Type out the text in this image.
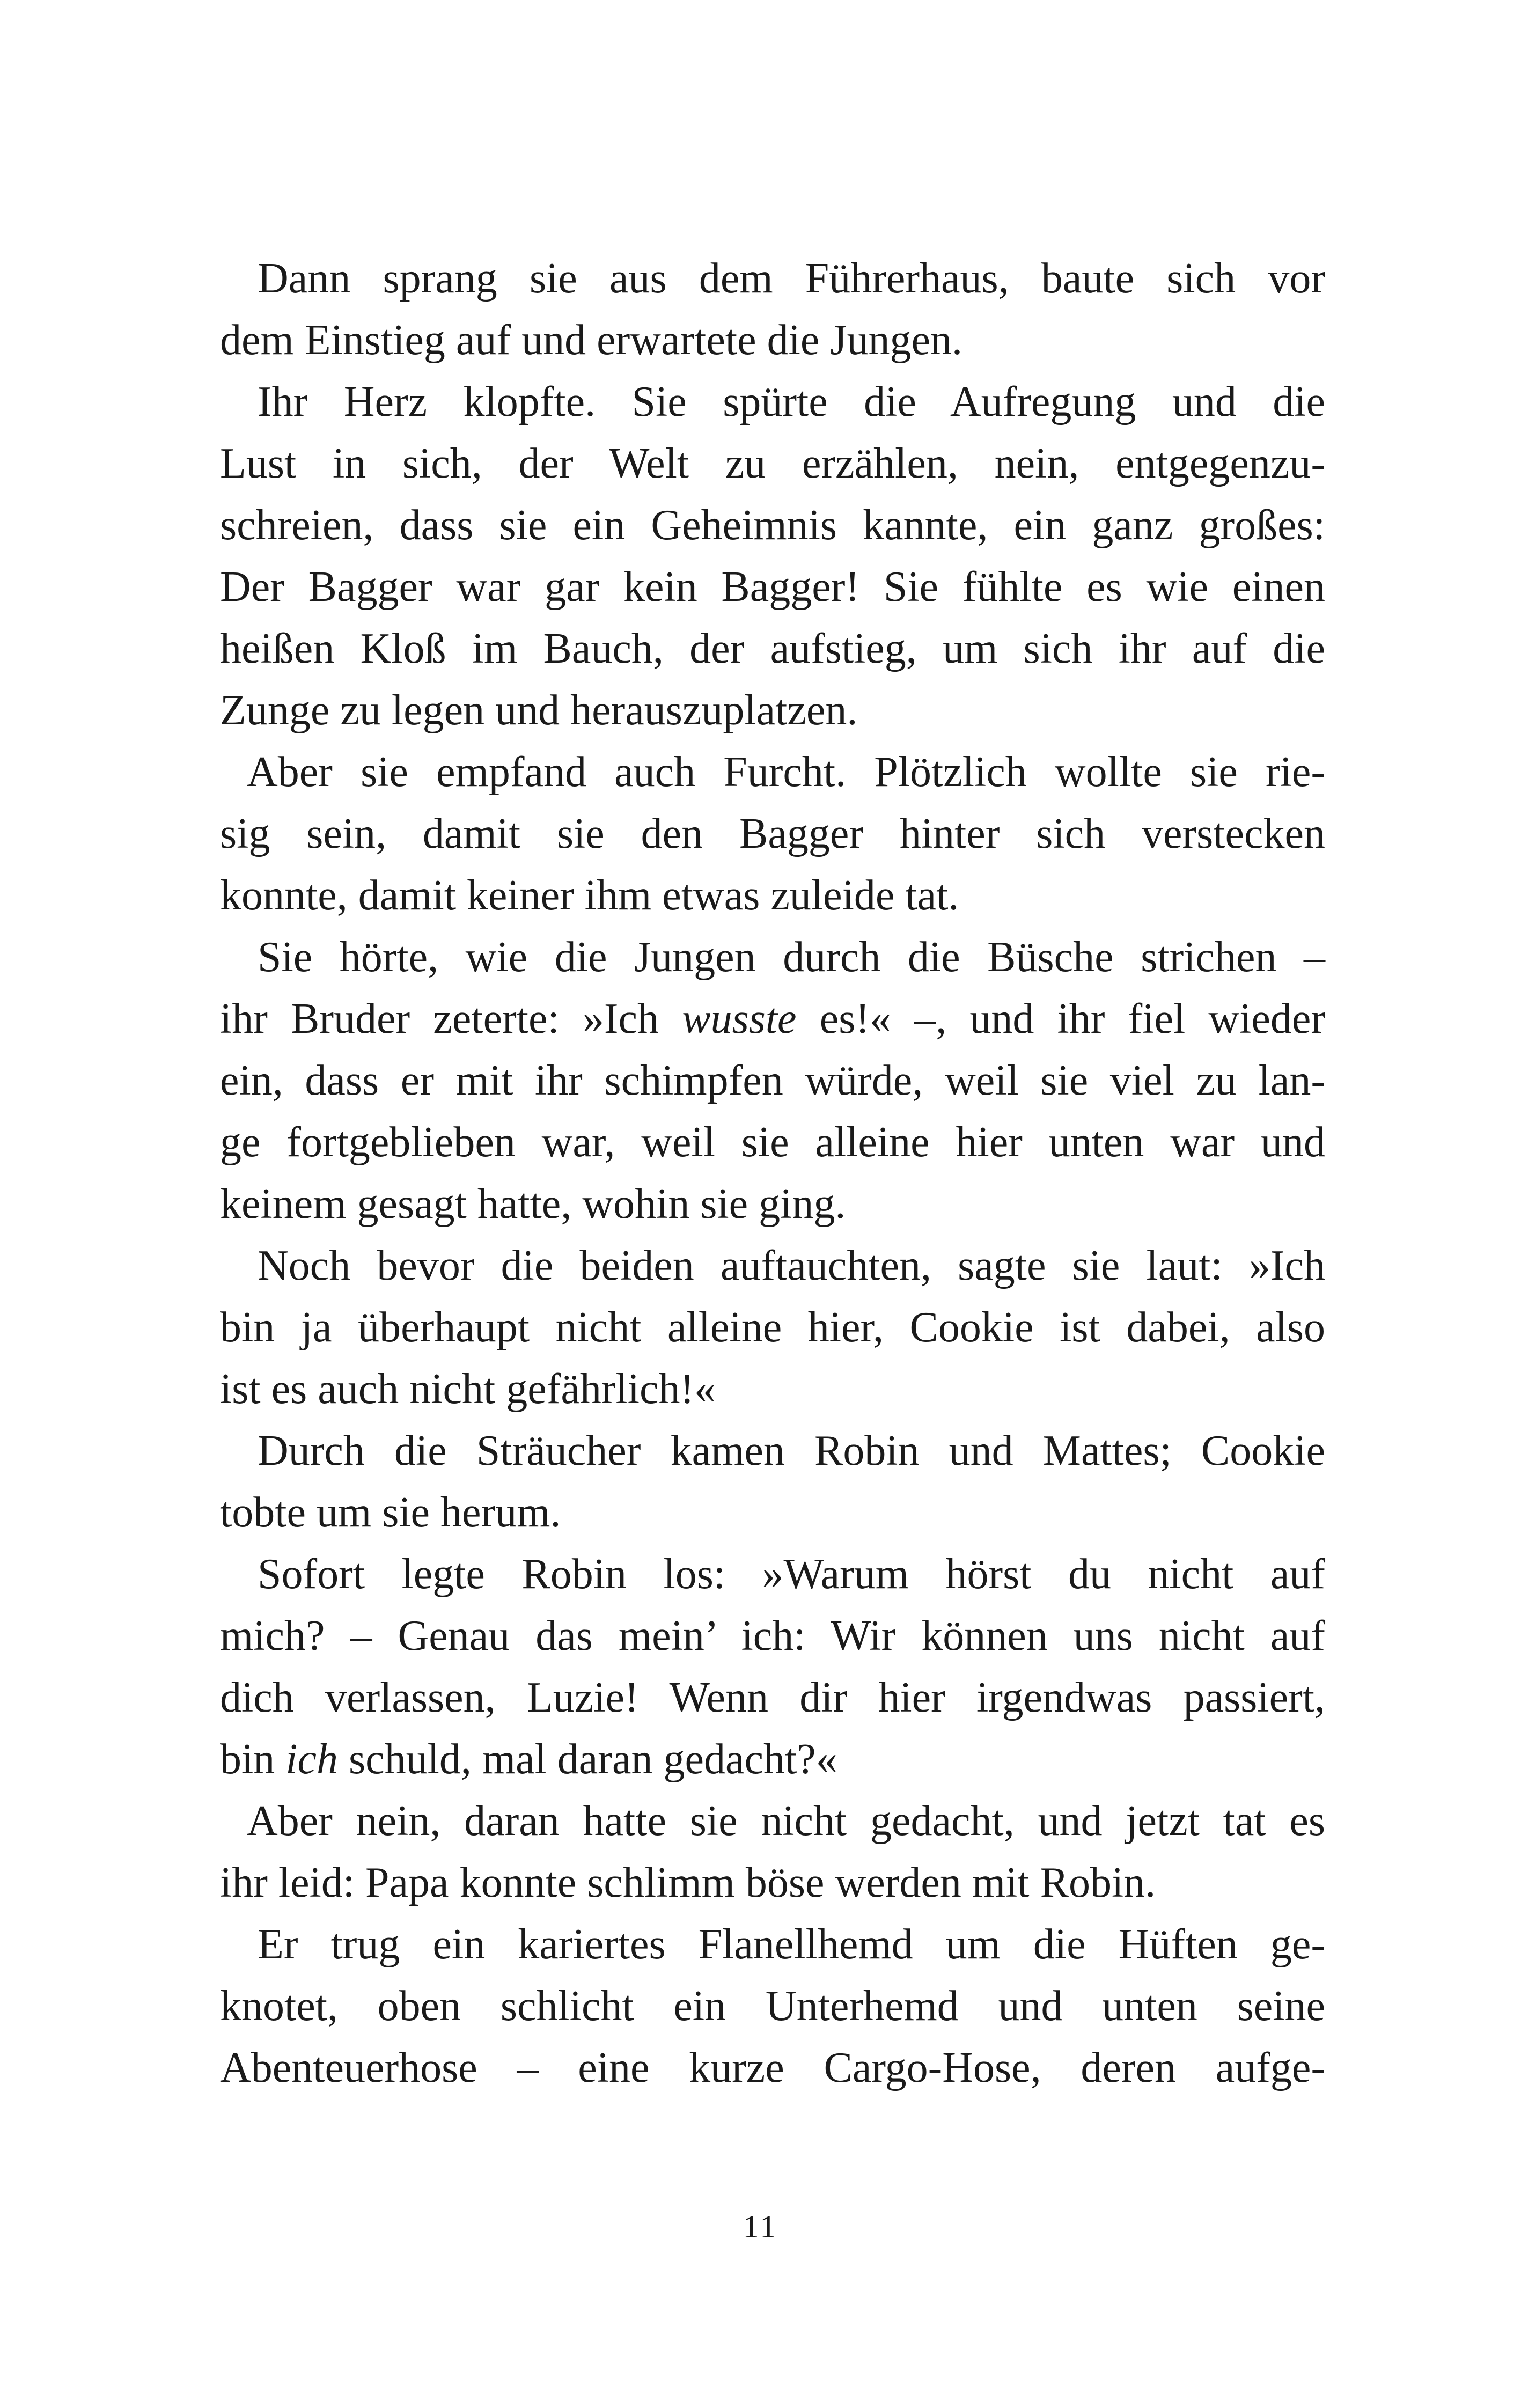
Dann sprang sie aus dem Führerhaus, baute sich vor
dem Einstieg auf und erwartete die Jungen.
Ihr Herz klopfte. Sie spürte die Aufregung und die
Lust in sich, der Welt zu erzählen, nein, entgegenzu-
schreien, dass sie ein Geheimnis kannte, ein ganz großes:
Der Bagger war gar kein Bagger! Sie fühlte es wie einen
heißen Kloß im Bauch, der aufstieg, um sich ihr auf die
Zunge zu legen und herauszuplatzen.
Aber sie empfand auch Furcht. Plötzlich wollte sie rie-
sig sein, damit sie den Bagger hinter sich verstecken
konnte, damit keiner ihm etwas zuleide tat.
Sie hörte, wie die Jungen durch die Büsche strichen –
ihr Bruder zeterte: »Ich wusste es!« –, und ihr fiel wieder
ein, dass er mit ihr schimpfen würde, weil sie viel zu lan-
ge fortgeblieben war, weil sie alleine hier unten war und
keinem gesagt hatte, wohin sie ging.
Noch bevor die beiden auftauchten, sagte sie laut: »Ich
bin ja überhaupt nicht alleine hier, Cookie ist dabei, also
ist es auch nicht gefährlich!«
Durch die Sträucher kamen Robin und Mattes; Cookie
tobte um sie herum.
Sofort legte Robin los: »Warum hörst du nicht auf
mich? – Genau das mein’ ich: Wir können uns nicht auf
dich verlassen, Luzie! Wenn dir hier irgendwas passiert,
bin ich schuld, mal daran gedacht?«
Aber nein, daran hatte sie nicht gedacht, und jetzt tat es
ihr leid: Papa konnte schlimm böse werden mit Robin.
Er trug ein kariertes Flanellhemd um die Hüften ge-
knotet, oben schlicht ein Unterhemd und unten seine
Abenteuerhose – eine kurze Cargo-Hose, deren aufge-
11
